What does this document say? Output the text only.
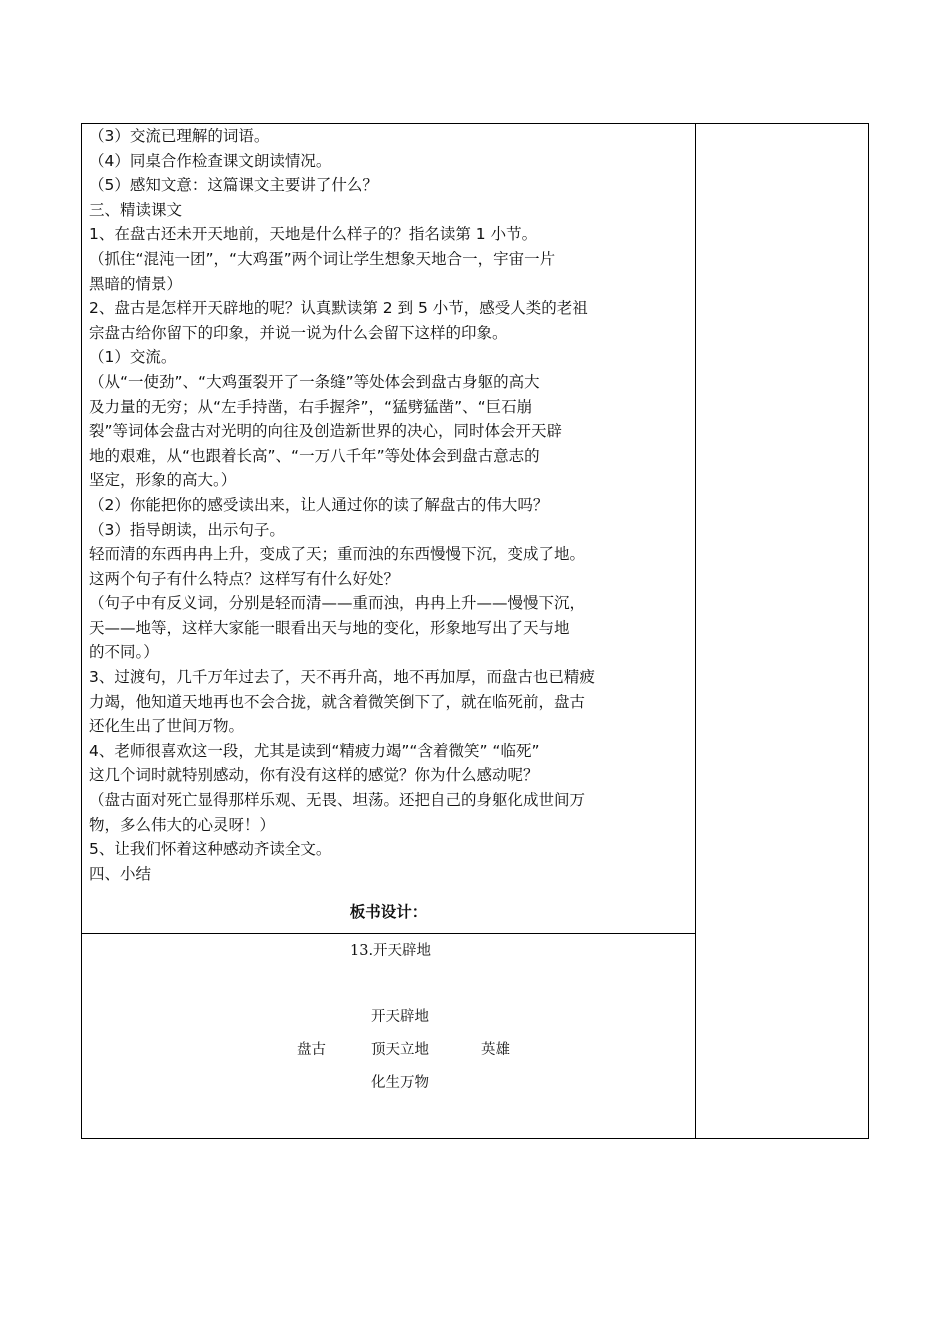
（3）交流已理解的词语。

（4）同桌合作检查课文朗读情况。

（5）感知文意：这篇课文主要讲了什么？

三、精读课文

1、在盘古还未开天地前，天地是什么样子的？指名读第 1 小节。

（抓住“混沌一团”，“大鸡蛋”两个词让学生想象天地合一，宇宙一片

黑暗的情景）

2、盘古是怎样开天辟地的呢？认真默读第 2 到 5 小节，感受人类的老祖

宗盘古给你留下的印象，并说一说为什么会留下这样的印象。

（1）交流。

（从“一使劲”、“大鸡蛋裂开了一条缝”等处体会到盘古身躯的高大

及力量的无穷；从“左手持凿，右手握斧”，“猛劈猛凿”、“巨石崩

裂”等词体会盘古对光明的向往及创造新世界的决心，同时体会开天辟

地的艰难，从“也跟着长高”、“一万八千年”等处体会到盘古意志的

坚定，形象的高大。）

（2）你能把你的感受读出来，让人通过你的读了解盘古的伟大吗？

（3）指导朗读，出示句子。

轻而清的东西冉冉上升，变成了天；重而浊的东西慢慢下沉，变成了地。

这两个句子有什么特点？这样写有什么好处？

（句子中有反义词，分别是轻而清——重而浊，冉冉上升——慢慢下沉，

天——地等，这样大家能一眼看出天与地的变化，形象地写出了天与地

的不同。）

3、过渡句，几千万年过去了，天不再升高，地不再加厚，而盘古也已精疲

力竭，他知道天地再也不会合拢，就含着微笑倒下了，就在临死前，盘古

还化生出了世间万物。

4、老师很喜欢这一段，尤其是读到“精疲力竭”“含着微笑” “临死”

这几个词时就特别感动，你有没有这样的感觉？你为什么感动呢？

（盘古面对死亡显得那样乐观、无畏、坦荡。还把自己的身躯化成世间万

物，多么伟大的心灵呀！）

5、让我们怀着这种感动齐读全文。

四、小结

板书设计：
13.开天辟地
开天辟地
盘古	顶天立地	英雄
化生万物
